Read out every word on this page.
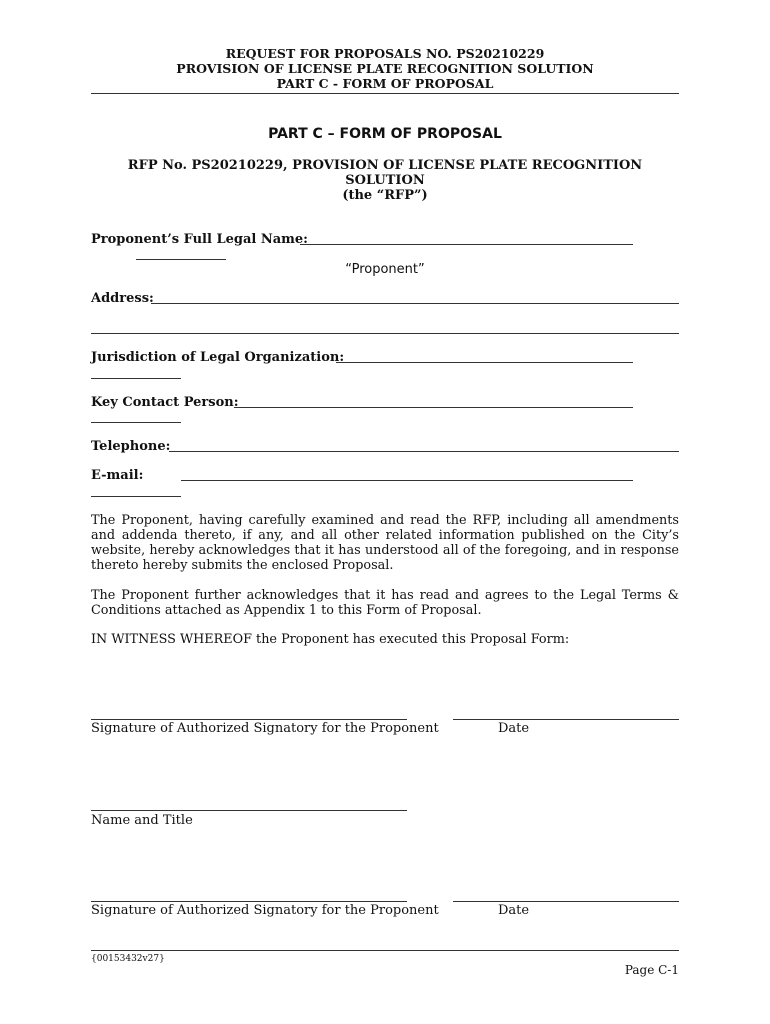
REQUEST FOR PROPOSALS NO. PS20210229
PROVISION OF LICENSE PLATE RECOGNITION SOLUTION
PART C - FORM OF PROPOSAL
PART C – FORM OF PROPOSAL
RFP No. PS20210229, PROVISION OF LICENSE PLATE RECOGNITION SOLUTION
(the “RFP”)
Proponent’s Full Legal Name:
“Proponent”
Address:
Jurisdiction of Legal Organization:
Key Contact Person:
Telephone:
E-mail:
The Proponent, having carefully examined and read the RFP, including all amendments and addenda thereto, if any, and all other related information published on the City’s website, hereby acknowledges that it has understood all of the foregoing, and in response thereto hereby submits the enclosed Proposal.
The Proponent further acknowledges that it has read and agrees to the Legal Terms & Conditions attached as Appendix 1 to this Form of Proposal.
IN WITNESS WHEREOF the Proponent has executed this Proposal Form:
Signature of Authorized Signatory for the Proponent	Date
Name and Title
Signature of Authorized Signatory for the Proponent	Date
{00153432v27}
Page C-1
